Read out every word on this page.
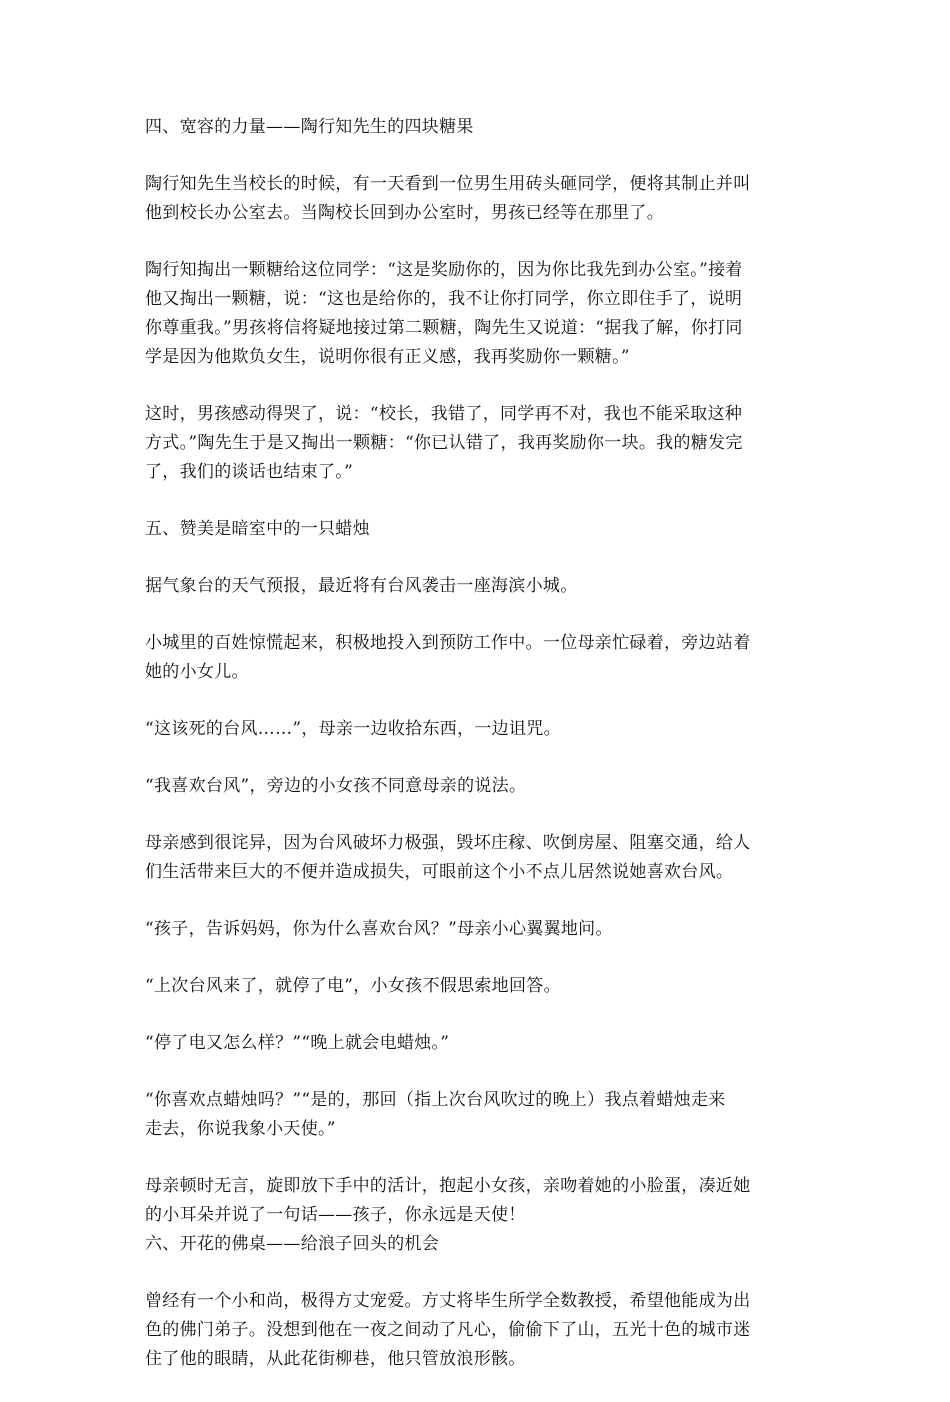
四、宽容的力量——陶行知先生的四块糖果

陶行知先生当校长的时候，有一天看到一位男生用砖头砸同学，便将其制止并叫
他到校长办公室去。当陶校长回到办公室时，男孩已经等在那里了。

陶行知掏出一颗糖给这位同学：“这是奖励你的，因为你比我先到办公室。”接着
他又掏出一颗糖，说：“这也是给你的，我不让你打同学，你立即住手了，说明
你尊重我。”男孩将信将疑地接过第二颗糖，陶先生又说道：“据我了解，你打同
学是因为他欺负女生，说明你很有正义感，我再奖励你一颗糖。”

这时，男孩感动得哭了，说：“校长，我错了，同学再不对，我也不能采取这种
方式。”陶先生于是又掏出一颗糖：“你已认错了，我再奖励你一块。我的糖发完
了，我们的谈话也结束了。”

五、赞美是暗室中的一只蜡烛

据气象台的天气预报，最近将有台风袭击一座海滨小城。

小城里的百姓惊慌起来，积极地投入到预防工作中。一位母亲忙碌着，旁边站着
她的小女儿。

“这该死的台风……”，母亲一边收拾东西，一边诅咒。

“我喜欢台风”，旁边的小女孩不同意母亲的说法。

母亲感到很诧异，因为台风破坏力极强，毁坏庄稼、吹倒房屋、阻塞交通，给人
们生活带来巨大的不便并造成损失，可眼前这个小不点儿居然说她喜欢台风。

“孩子，告诉妈妈，你为什么喜欢台风？”母亲小心翼翼地问。

“上次台风来了，就停了电”，小女孩不假思索地回答。

“停了电又怎么样？”“晚上就会电蜡烛。”

“你喜欢点蜡烛吗？”“是的，那回（指上次台风吹过的晚上）我点着蜡烛走来
走去，你说我象小天使。”

母亲顿时无言，旋即放下手中的活计，抱起小女孩，亲吻着她的小脸蛋，凑近她
的小耳朵并说了一句话——孩子，你永远是天使！

六、开花的佛桌——给浪子回头的机会

曾经有一个小和尚，极得方丈宠爱。方丈将毕生所学全数教授，希望他能成为出
色的佛门弟子。没想到他在一夜之间动了凡心，偷偷下了山，五光十色的城市迷
住了他的眼睛，从此花街柳巷，他只管放浪形骸。
